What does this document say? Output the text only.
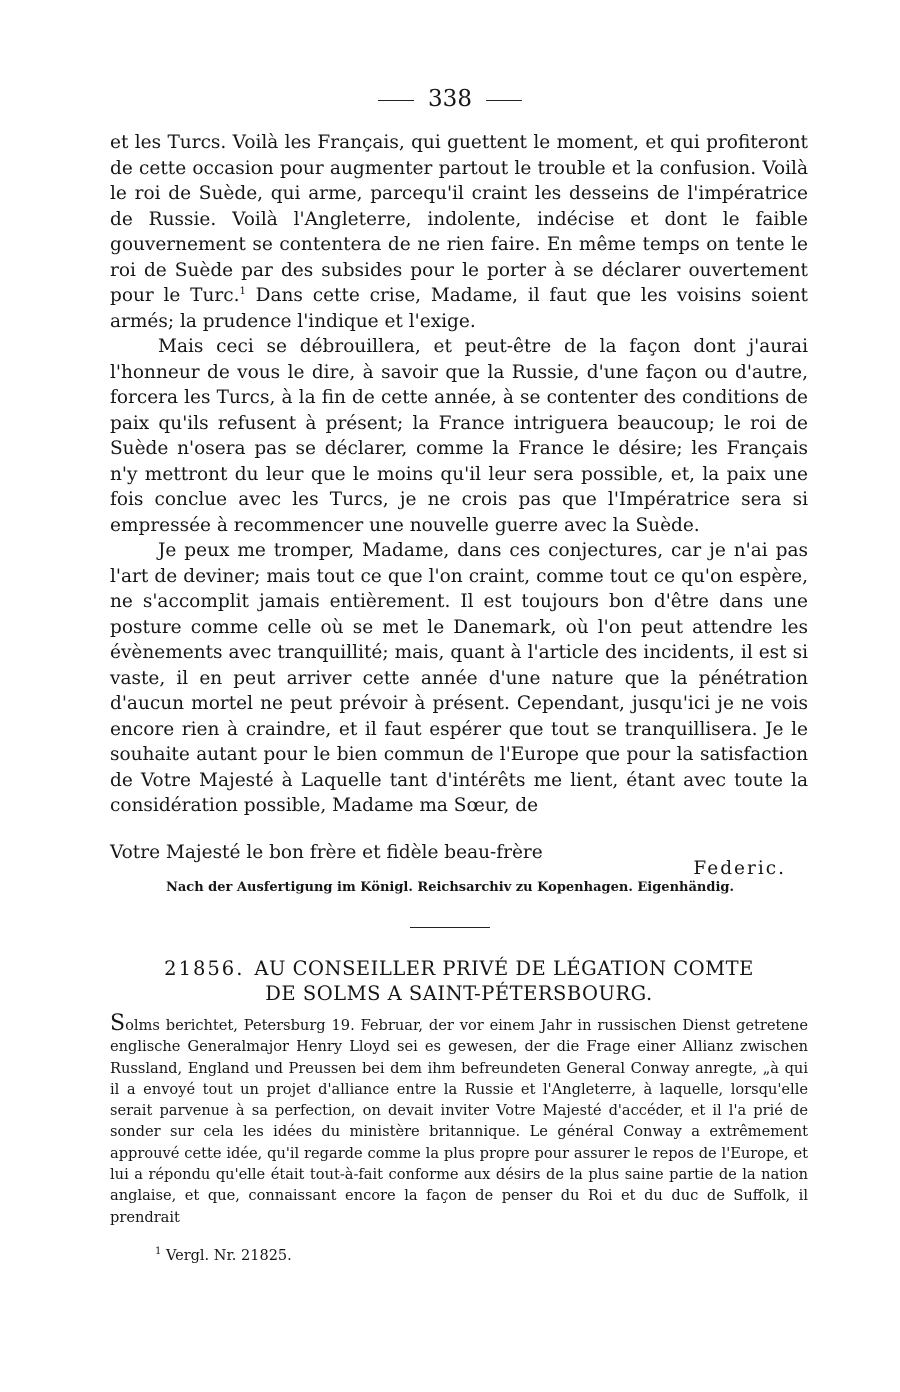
338

et les Turcs. Voilà les Français, qui guettent le moment, et qui profiteront de cette occasion pour augmenter partout le trouble et la confusion. Voilà le roi de Suède, qui arme, parcequ'il craint les desseins de l'impératrice de Russie. Voilà l'Angleterre, indolente, indécise et dont le faible gouvernement se contentera de ne rien faire. En même temps on tente le roi de Suède par des subsides pour le porter à se déclarer ouvertement pour le Turc.$^1$ Dans cette crise, Madame, il faut que les voisins soient armés; la prudence l'indique et l'exige.

Mais ceci se débrouillera, et peut-être de la façon dont j'aurai l'honneur de vous le dire, à savoir que la Russie, d'une façon ou d'autre, forcera les Turcs, à la fin de cette année, à se contenter des conditions de paix qu'ils refusent à présent; la France intriguera beaucoup; le roi de Suède n'osera pas se déclarer, comme la France le désire; les Français n'y mettront du leur que le moins qu'il leur sera possible, et, la paix une fois conclue avec les Turcs, je ne crois pas que l'Impératrice sera si empressée à recommencer une nouvelle guerre avec la Suède.

Je peux me tromper, Madame, dans ces conjectures, car je n'ai pas l'art de deviner; mais tout ce que l'on craint, comme tout ce qu'on espère, ne s'accomplit jamais entièrement. Il est toujours bon d'être dans une posture comme celle où se met le Danemark, où l'on peut attendre les évènements avec tranquillité; mais, quant à l'article des incidents, il est si vaste, il en peut arriver cette année d'une nature que la pénétration d'aucun mortel ne peut prévoir à présent. Cependant, jusqu'ici je ne vois encore rien à craindre, et il faut espérer que tout se tranquillisera. Je le souhaite autant pour le bien commun de l'Europe que pour la satisfaction de Votre Majesté à Laquelle tant d'intérêts me lient, étant avec toute la considération possible, Madame ma Sœur, de

Votre Majesté le bon frère et fidèle beau-frère
Federic.
Nach der Ausfertigung im Königl. Reichsarchiv zu Kopenhagen. Eigenhändig.
21856. AU CONSEILLER PRIVÉ DE LÉGATION COMTE
DE SOLMS A SAINT-PÉTERSBOURG.
Solms berichtet, Petersburg 19. Februar, der vor einem Jahr in russischen Dienst getretene englische Generalmajor Henry Lloyd sei es gewesen, der die Frage einer Allianz zwischen Russland, England und Preussen bei dem ihm befreundeten General Conway anregte, „à qui il a envoyé tout un projet d'alliance entre la Russie et l'Angleterre, à laquelle, lorsqu'elle serait parvenue à sa perfection, on devait inviter Votre Majesté d'accéder, et il l'a prié de sonder sur cela les idées du ministère britannique. Le général Conway a extrêmement approuvé cette idée, qu'il regarde comme la plus propre pour assurer le repos de l'Europe, et lui a répondu qu'elle était tout-à-fait conforme aux désirs de la plus saine partie de la nation anglaise, et que, connaissant encore la façon de penser du Roi et du duc de Suffolk, il prendrait
$^1$ Vergl. Nr. 21825.
